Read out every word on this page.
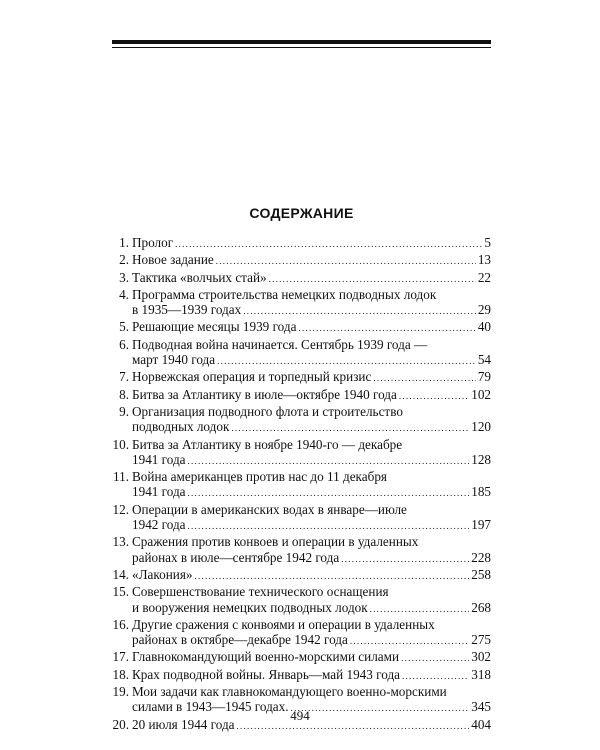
СОДЕРЖАНИЕ
1. Пролог . . .	5
2. Новое задание . . .	13
3. Тактика «волчьих стай» . . .	22
4. Программа строительства немецких подводных лодок
в 1935—1939 годах . . .	29
5. Решающие месяцы 1939 года . . .	40
6. Подводная война начинается. Сентябрь 1939 года —
март 1940 года . . .	54
7. Норвежская операция и торпедный кризис . . .	79
8. Битва за Атлантику в июле—октябре 1940 года . . .	102
9. Организация подводного флота и строительство
подводных лодок . . .	120
10. Битва за Атлантику в ноябре 1940-го — декабре
1941 года . . .	128
11. Война американцев против нас до 11 декабря
1941 года . . .	185
12. Операции в американских водах в январе—июле
1942 года . . .	197
13. Сражения против конвоев и операции в удаленных
районах в июле—сентябре 1942 года . . .	228
14. «Лакония» . . .	258
15. Совершенствование технического оснащения
и вооружения немецких подводных лодок . . .	268
16. Другие сражения с конвоями и операции в удаленных
районах в октябре—декабре 1942 года . . .	275
17. Главнокомандующий военно-морскими силами . . .	302
18. Крах подводной войны. Январь—май 1943 года . . .	318
19. Мои задачи как главнокомандующего военно-морскими
силами в 1943—1945 годах. . . .	345
20. 20 июля 1944 года . . .	404
494
